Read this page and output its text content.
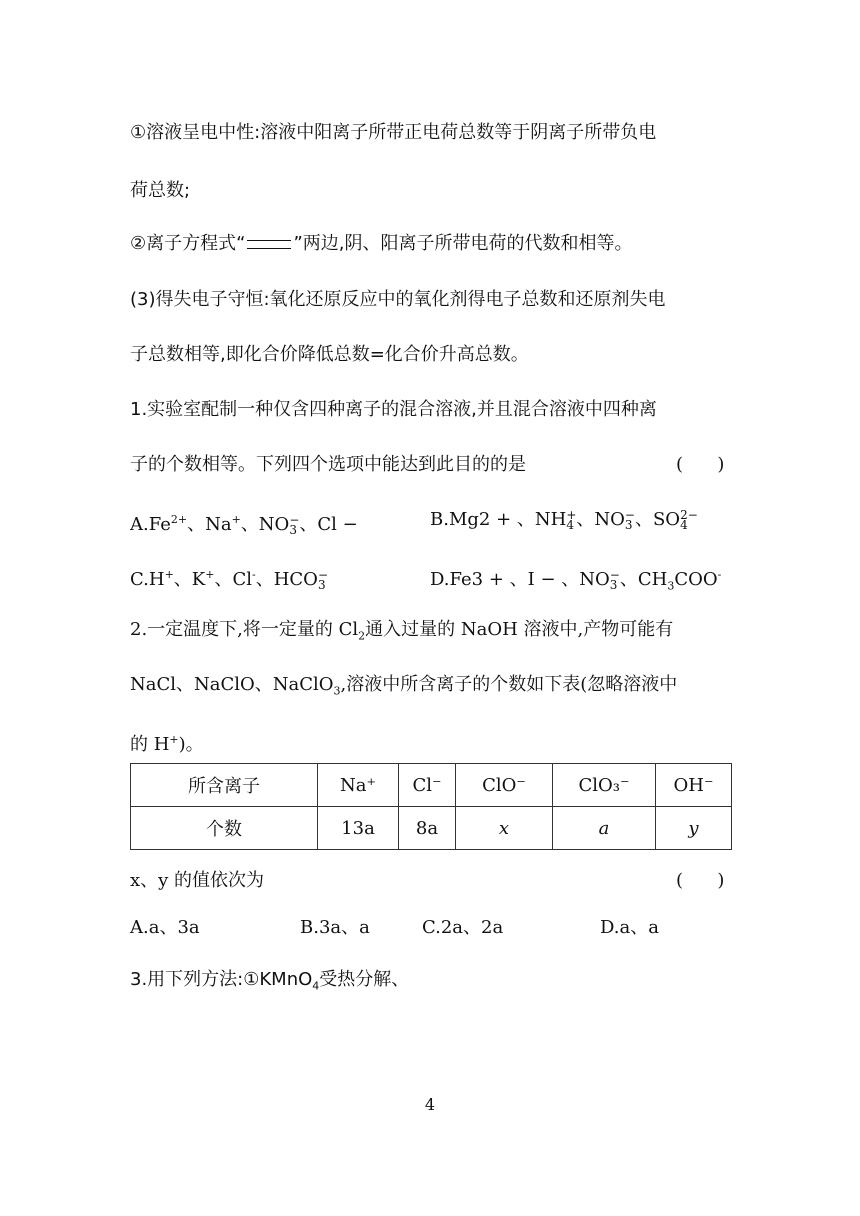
①溶液呈电中性:溶液中阳离子所带正电荷总数等于阴离子所带负电
荷总数;
②离子方程式“	”两边,阴、阳离子所带电荷的代数和相等。
(3)得失电子守恒:氧化还原反应中的氧化剂得电子总数和还原剂失电
子总数相等,即化合价降低总数=化合价升高总数。
1.实验室配制一种仅含四种离子的混合溶液,并且混合溶液中四种离
子的个数相等。下列四个选项中能达到此目的的是	(      )
$A.Fe^{2+}$、Na+、NO −
3 、Cl −	B.Mg2 + 、NH +
4 、NO −
3 、SO 2−
4
C.H+、K+、Cl-、HCO −
3	D.Fe3 + 、I − 、NO −
3 、$CH_3COO^-$
2.一定温度下,将一定量的 $Cl_2$通入过量的 NaOH 溶液中,产物可能有
NaCl、NaClO、NaClO$_3$,溶液中所含离子的个数如下表(忽略溶液中
的 H+)。
所含离子	Na⁺	Cl⁻	ClO⁻	ClO₃⁻	OH⁻
个数	13a	8a	x	a	y
x、y 的值依次为	(      )
A.a、3a	B.3a、a	C.2a、2a	D.a、a
3.用下列方法:①KMnO$_4$受热分解、
4
